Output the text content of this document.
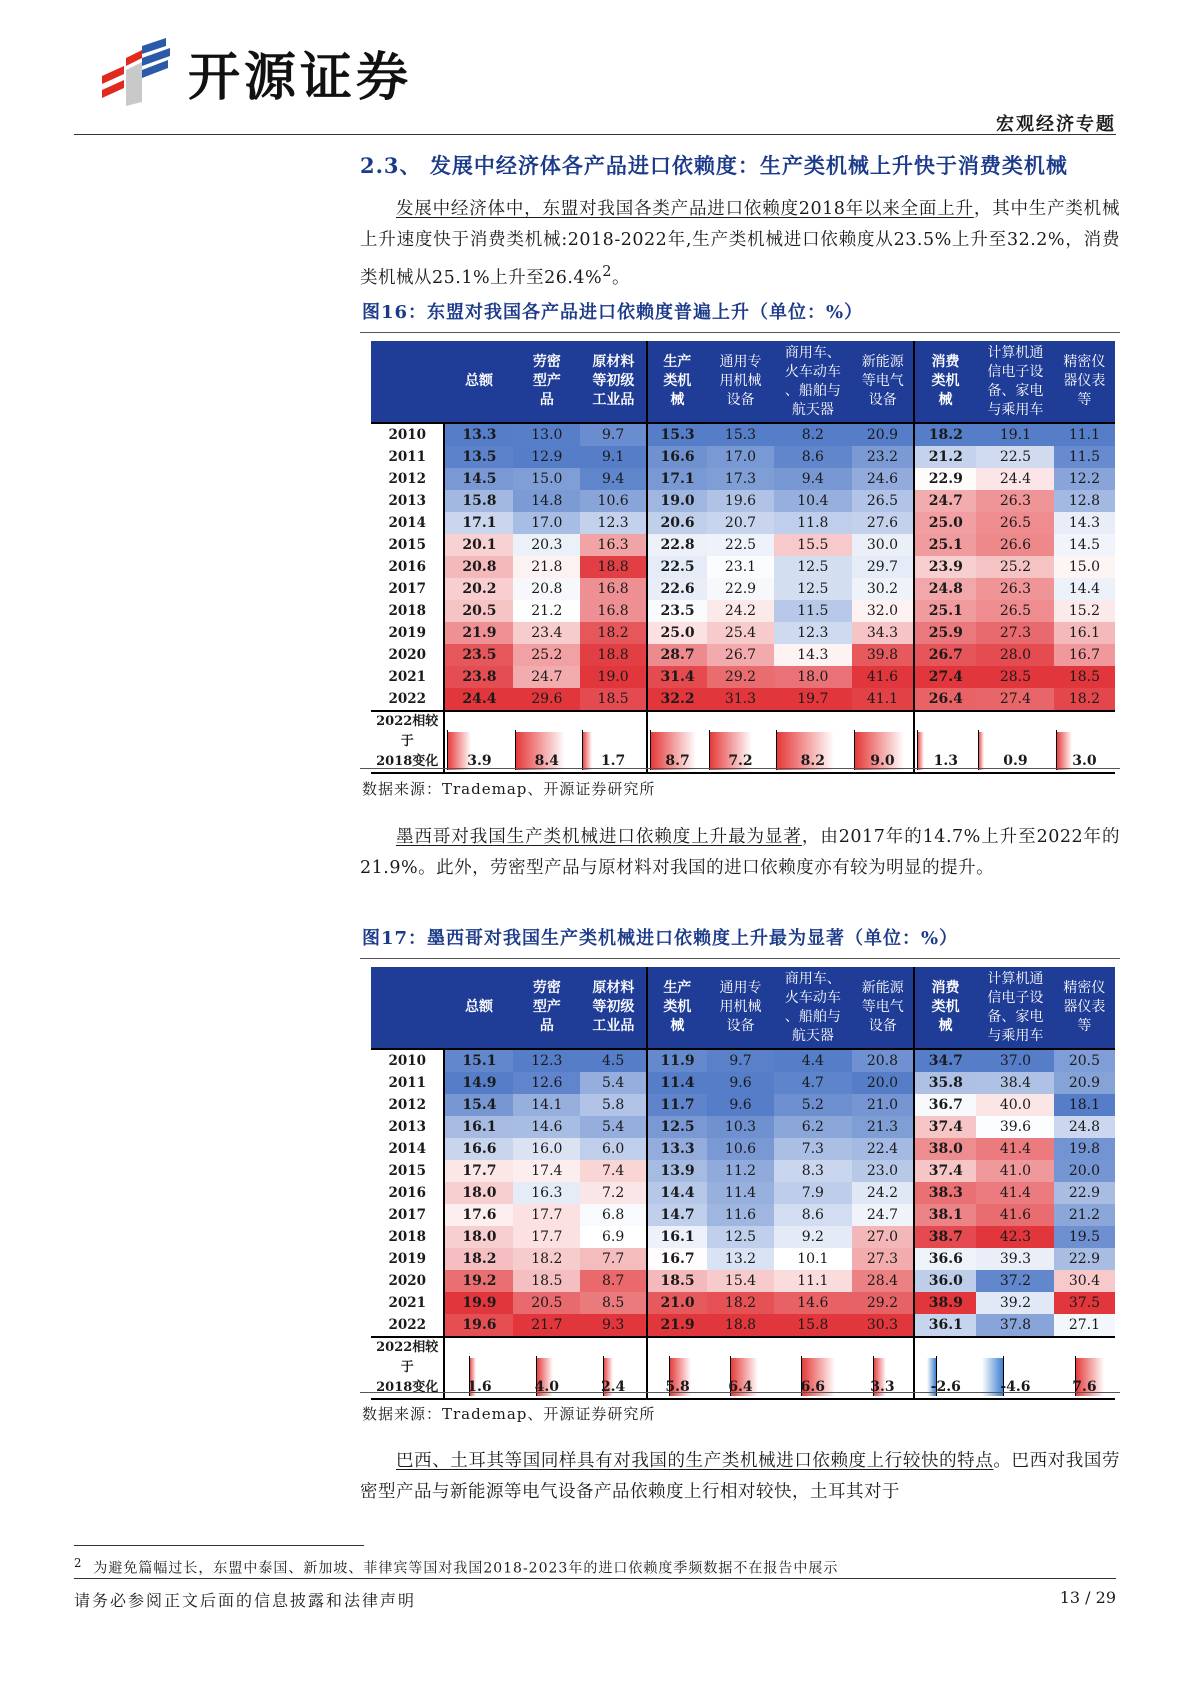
开源证券
宏观经济专题
2.3、 发展中经济体各产品进口依赖度：生产类机械上升快于消费类机械
发展中经济体中，东盟对我国各类产品进口依赖度2018年以来全面上升，其中生产类机械上升速度快于消费类机械:2018-2022年,生产类机械进口依赖度从23.5%上升至32.2%，消费类机械从25.1%上升至26.4%$^2$。
图16：东盟对我国各产品进口依赖度普遍上升（单位：%）
	总额	劳密
型产
品	原材料
等初级
工业品	生产
类机
械	通用专
用机械
设备	商用车、
火车动车
、船舶与
航天器	新能源
等电气
设备	消费
类机
械	计算机通
信电子设
备、家电
与乘用车	精密仪
器仪表
等
2010	13.3	13.0	9.7	15.3	15.3	8.2	20.9	18.2	19.1	11.1
2011	13.5	12.9	9.1	16.6	17.0	8.6	23.2	21.2	22.5	11.5
2012	14.5	15.0	9.4	17.1	17.3	9.4	24.6	22.9	24.4	12.2
2013	15.8	14.8	10.6	19.0	19.6	10.4	26.5	24.7	26.3	12.8
2014	17.1	17.0	12.3	20.6	20.7	11.8	27.6	25.0	26.5	14.3
2015	20.1	20.3	16.3	22.8	22.5	15.5	30.0	25.1	26.6	14.5
2016	20.8	21.8	18.8	22.5	23.1	12.5	29.7	23.9	25.2	15.0
2017	20.2	20.8	16.8	22.6	22.9	12.5	30.2	24.8	26.3	14.4
2018	20.5	21.2	16.8	23.5	24.2	11.5	32.0	25.1	26.5	15.2
2019	21.9	23.4	18.2	25.0	25.4	12.3	34.3	25.9	27.3	16.1
2020	23.5	25.2	18.8	28.7	26.7	14.3	39.8	26.7	28.0	16.7
2021	23.8	24.7	19.0	31.4	29.2	18.0	41.6	27.4	28.5	18.5
2022	24.4	29.6	18.5	32.2	31.3	19.7	41.1	26.4	27.4	18.2
2022相较于
2018变化	3.9	8.4	1.7	8.7	7.2	8.2	9.0	1.3	0.9	3.0
数据来源：Trademap、开源证券研究所
墨西哥对我国生产类机械进口依赖度上升最为显著，由2017年的14.7%上升至2022年的21.9%。此外，劳密型产品与原材料对我国的进口依赖度亦有较为明显的提升。
图17：墨西哥对我国生产类机械进口依赖度上升最为显著（单位：%）
	总额	劳密
型产
品	原材料
等初级
工业品	生产
类机
械	通用专
用机械
设备	商用车、
火车动车
、船舶与
航天器	新能源
等电气
设备	消费
类机
械	计算机通
信电子设
备、家电
与乘用车	精密仪
器仪表
等
2010	15.1	12.3	4.5	11.9	9.7	4.4	20.8	34.7	37.0	20.5
2011	14.9	12.6	5.4	11.4	9.6	4.7	20.0	35.8	38.4	20.9
2012	15.4	14.1	5.8	11.7	9.6	5.2	21.0	36.7	40.0	18.1
2013	16.1	14.6	5.4	12.5	10.3	6.2	21.3	37.4	39.6	24.8
2014	16.6	16.0	6.0	13.3	10.6	7.3	22.4	38.0	41.4	19.8
2015	17.7	17.4	7.4	13.9	11.2	8.3	23.0	37.4	41.0	20.0
2016	18.0	16.3	7.2	14.4	11.4	7.9	24.2	38.3	41.4	22.9
2017	17.6	17.7	6.8	14.7	11.6	8.6	24.7	38.1	41.6	21.2
2018	18.0	17.7	6.9	16.1	12.5	9.2	27.0	38.7	42.3	19.5
2019	18.2	18.2	7.7	16.7	13.2	10.1	27.3	36.6	39.3	22.9
2020	19.2	18.5	8.7	18.5	15.4	11.1	28.4	36.0	37.2	30.4
2021	19.9	20.5	8.5	21.0	18.2	14.6	29.2	38.9	39.2	37.5
2022	19.6	21.7	9.3	21.9	18.8	15.8	30.3	36.1	37.8	27.1
2022相较于
2018变化	1.6	4.0	2.4	5.8	6.4	6.6	3.3	-2.6	-4.6	7.6
数据来源：Trademap、开源证券研究所
巴西、土耳其等国同样具有对我国的生产类机械进口依赖度上行较快的特点。巴西对我国劳密型产品与新能源等电气设备产品依赖度上行相对较快，土耳其对于
$^2$ 为避免篇幅过长，东盟中泰国、新加坡、菲律宾等国对我国2018-2023年的进口依赖度季频数据不在报告中展示
请务必参阅正文后面的信息披露和法律声明	13 / 29
